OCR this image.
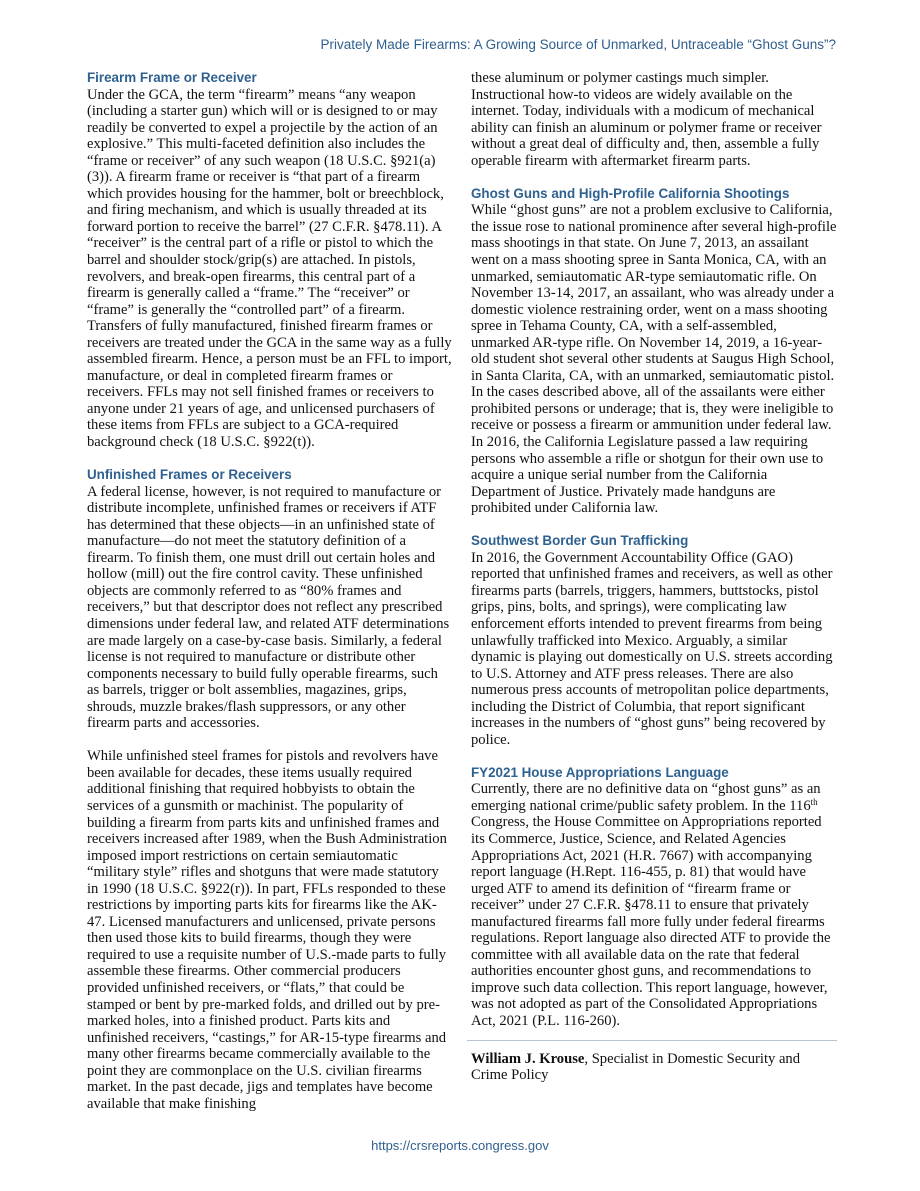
Privately Made Firearms: A Growing Source of Unmarked, Untraceable “Ghost Guns”?
Firearm Frame or Receiver

Under the GCA, the term “firearm” means “any weapon (including a starter gun) which will or is designed to or may readily be converted to expel a projectile by the action of an explosive.” This multi-faceted definition also includes the “frame or receiver” of any such weapon (18 U.S.C. §921(a)(3)). A firearm frame or receiver is “that part of a firearm which provides housing for the hammer, bolt or breechblock, and firing mechanism, and which is usually threaded at its forward portion to receive the barrel” (27 C.F.R. §478.11). A “receiver” is the central part of a rifle or pistol to which the barrel and shoulder stock/grip(s) are attached. In pistols, revolvers, and break-open firearms, this central part of a firearm is generally called a “frame.” The “receiver” or “frame” is generally the “controlled part” of a firearm. Transfers of fully manufactured, finished firearm frames or receivers are treated under the GCA in the same way as a fully assembled firearm. Hence, a person must be an FFL to import, manufacture, or deal in completed firearm frames or receivers. FFLs may not sell finished frames or receivers to anyone under 21 years of age, and unlicensed purchasers of these items from FFLs are subject to a GCA-required background check (18 U.S.C. §922(t)).

Unfinished Frames or Receivers

A federal license, however, is not required to manufacture or distribute incomplete, unfinished frames or receivers if ATF has determined that these objects—in an unfinished state of manufacture—do not meet the statutory definition of a firearm. To finish them, one must drill out certain holes and hollow (mill) out the fire control cavity. These unfinished objects are commonly referred to as “80% frames and receivers,” but that descriptor does not reflect any prescribed dimensions under federal law, and related ATF determinations are made largely on a case-by-case basis. Similarly, a federal license is not required to manufacture or distribute other components necessary to build fully operable firearms, such as barrels, trigger or bolt assemblies, magazines, grips, shrouds, muzzle brakes/flash suppressors, or any other firearm parts and accessories.

While unfinished steel frames for pistols and revolvers have been available for decades, these items usually required additional finishing that required hobbyists to obtain the services of a gunsmith or machinist. The popularity of building a firearm from parts kits and unfinished frames and receivers increased after 1989, when the Bush Administration imposed import restrictions on certain semiautomatic “military style” rifles and shotguns that were made statutory in 1990 (18 U.S.C. §922(r)). In part, FFLs responded to these restrictions by importing parts kits for firearms like the AK-47. Licensed manufacturers and unlicensed, private persons then used those kits to build firearms, though they were required to use a requisite number of U.S.-made parts to fully assemble these firearms. Other commercial producers provided unfinished receivers, or “flats,” that could be stamped or bent by pre-marked folds, and drilled out by pre-marked holes, into a finished product. Parts kits and unfinished receivers, “castings,” for AR-15-type firearms and many other firearms became commercially available to the point they are commonplace on the U.S. civilian firearms market. In the past decade, jigs and templates have become available that make finishing

these aluminum or polymer castings much simpler. Instructional how-to videos are widely available on the internet. Today, individuals with a modicum of mechanical ability can finish an aluminum or polymer frame or receiver without a great deal of difficulty and, then, assemble a fully operable firearm with aftermarket firearm parts.

Ghost Guns and High-Profile California Shootings

While “ghost guns” are not a problem exclusive to California, the issue rose to national prominence after several high-profile mass shootings in that state. On June 7, 2013, an assailant went on a mass shooting spree in Santa Monica, CA, with an unmarked, semiautomatic AR-type semiautomatic rifle. On November 13-14, 2017, an assailant, who was already under a domestic violence restraining order, went on a mass shooting spree in Tehama County, CA, with a self-assembled, unmarked AR-type rifle. On November 14, 2019, a 16-year-old student shot several other students at Saugus High School, in Santa Clarita, CA, with an unmarked, semiautomatic pistol. In the cases described above, all of the assailants were either prohibited persons or underage; that is, they were ineligible to receive or possess a firearm or ammunition under federal law. In 2016, the California Legislature passed a law requiring persons who assemble a rifle or shotgun for their own use to acquire a unique serial number from the California Department of Justice. Privately made handguns are prohibited under California law.

Southwest Border Gun Trafficking

In 2016, the Government Accountability Office (GAO) reported that unfinished frames and receivers, as well as other firearms parts (barrels, triggers, hammers, buttstocks, pistol grips, pins, bolts, and springs), were complicating law enforcement efforts intended to prevent firearms from being unlawfully trafficked into Mexico. Arguably, a similar dynamic is playing out domestically on U.S. streets according to U.S. Attorney and ATF press releases. There are also numerous press accounts of metropolitan police departments, including the District of Columbia, that report significant increases in the numbers of “ghost guns” being recovered by police.

FY2021 House Appropriations Language

Currently, there are no definitive data on “ghost guns” as an emerging national crime/public safety problem. In the 116th Congress, the House Committee on Appropriations reported its Commerce, Justice, Science, and Related Agencies Appropriations Act, 2021 (H.R. 7667) with accompanying report language (H.Rept. 116-455, p. 81) that would have urged ATF to amend its definition of “firearm frame or receiver” under 27 C.F.R. §478.11 to ensure that privately manufactured firearms fall more fully under federal firearms regulations. Report language also directed ATF to provide the committee with all available data on the rate that federal authorities encounter ghost guns, and recommendations to improve such data collection. This report language, however, was not adopted as part of the Consolidated Appropriations Act, 2021 (P.L. 116-260).

William J. Krouse, Specialist in Domestic Security and Crime Policy

https://crsreports.congress.gov
